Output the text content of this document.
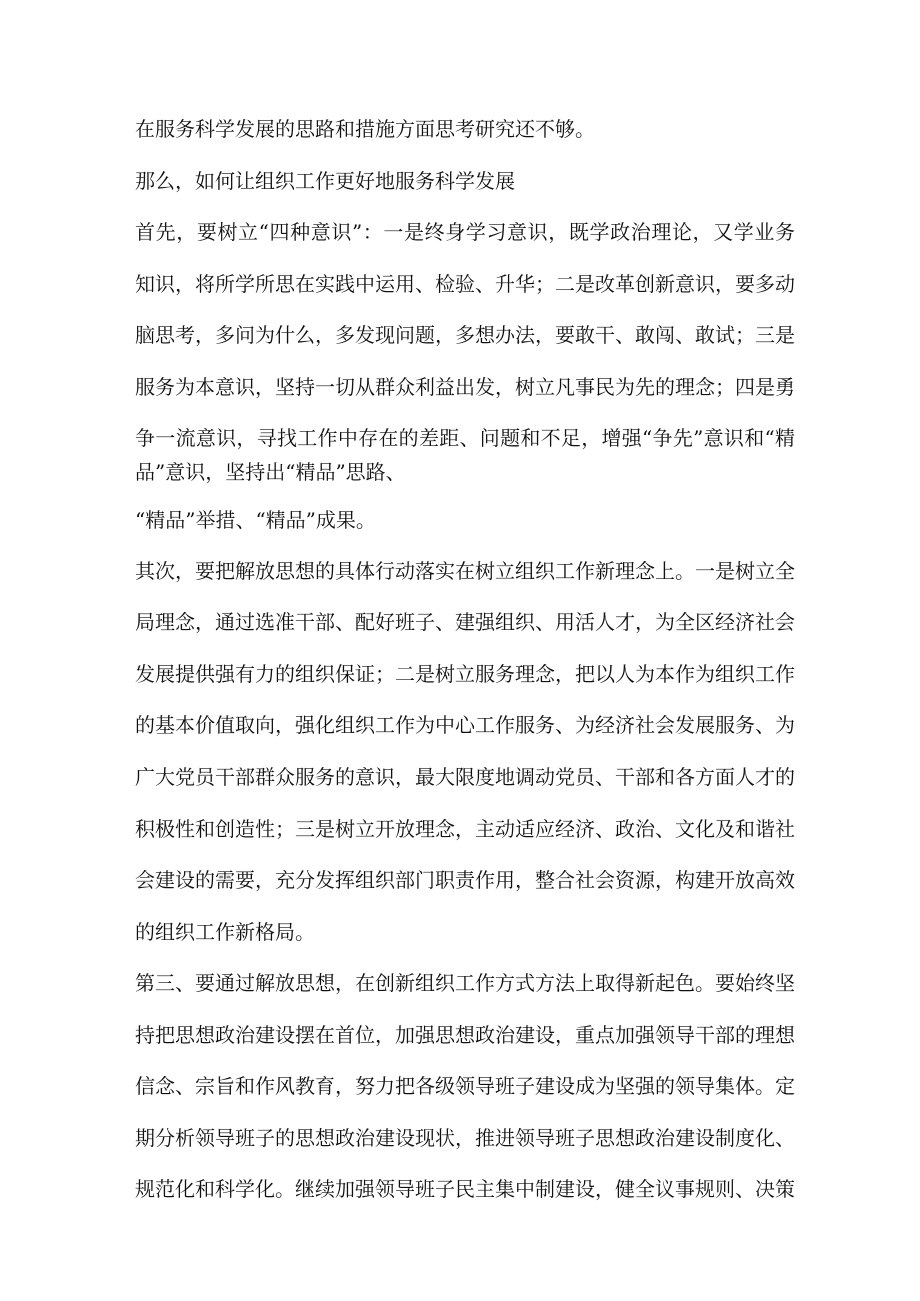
在服务科学发展的思路和措施方面思考研究还不够。
那么，如何让组织工作更好地服务科学发展
首先，要树立“四种意识”：一是终身学习意识，既学政治理论，又学业务
知识，将所学所思在实践中运用、检验、升华；二是改革创新意识，要多动
脑思考，多问为什么，多发现问题，多想办法，要敢干、敢闯、敢试；三是
服务为本意识，坚持一切从群众利益出发，树立凡事民为先的理念；四是勇
争一流意识，寻找工作中存在的差距、问题和不足，增强“争先”意识和“精
品”意识，坚持出“精品”思路、
“精品”举措、“精品”成果。
其次，要把解放思想的具体行动落实在树立组织工作新理念上。一是树立全
局理念，通过选准干部、配好班子、建强组织、用活人才，为全区经济社会
发展提供强有力的组织保证；二是树立服务理念，把以人为本作为组织工作
的基本价值取向，强化组织工作为中心工作服务、为经济社会发展服务、为
广大党员干部群众服务的意识，最大限度地调动党员、干部和各方面人才的
积极性和创造性；三是树立开放理念，主动适应经济、政治、文化及和谐社
会建设的需要，充分发挥组织部门职责作用，整合社会资源，构建开放高效
的组织工作新格局。
第三、要通过解放思想，在创新组织工作方式方法上取得新起色。要始终坚
持把思想政治建设摆在首位，加强思想政治建设，重点加强领导干部的理想
信念、宗旨和作风教育，努力把各级领导班子建设成为坚强的领导集体。定
期分析领导班子的思想政治建设现状，推进领导班子思想政治建设制度化、
规范化和科学化。继续加强领导班子民主集中制建设，健全议事规则、决策
